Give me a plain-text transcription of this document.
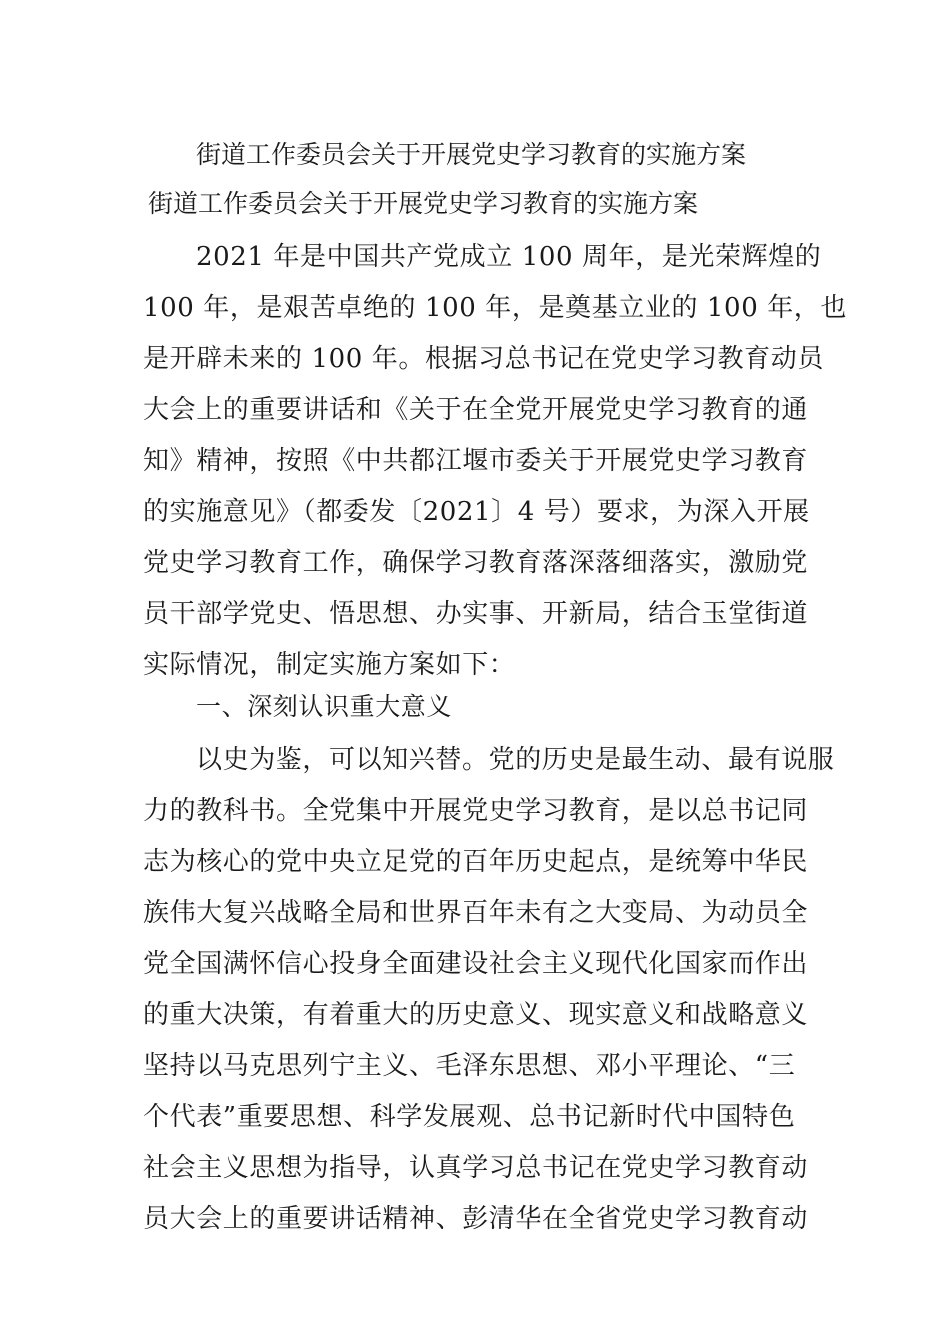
街道工作委员会关于开展党史学习教育的实施方案
街道工作委员会关于开展党史学习教育的实施方案
2021 年是中国共产党成立 100 周年，是光荣辉煌的
100 年，是艰苦卓绝的 100 年，是奠基立业的 100 年，也
是开辟未来的 100 年。根据习总书记在党史学习教育动员
大会上的重要讲话和《关于在全党开展党史学习教育的通
知》精神，按照《中共都江堰市委关于开展党史学习教育
的实施意见》（都委发〔2021〕4 号）要求，为深入开展
党史学习教育工作，确保学习教育落深落细落实，激励党
员干部学党史、悟思想、办实事、开新局，结合玉堂街道
实际情况，制定实施方案如下：
一、深刻认识重大意义
以史为鉴，可以知兴替。党的历史是最生动、最有说服
力的教科书。全党集中开展党史学习教育，是以总书记同
志为核心的党中央立足党的百年历史起点，是统筹中华民
族伟大复兴战略全局和世界百年未有之大变局、为动员全
党全国满怀信心投身全面建设社会主义现代化国家而作出
的重大决策，有着重大的历史意义、现实意义和战略意义
坚持以马克思列宁主义、毛泽东思想、邓小平理论、“三
个代表”重要思想、科学发展观、总书记新时代中国特色
社会主义思想为指导，认真学习总书记在党史学习教育动
员大会上的重要讲话精神、彭清华在全省党史学习教育动
